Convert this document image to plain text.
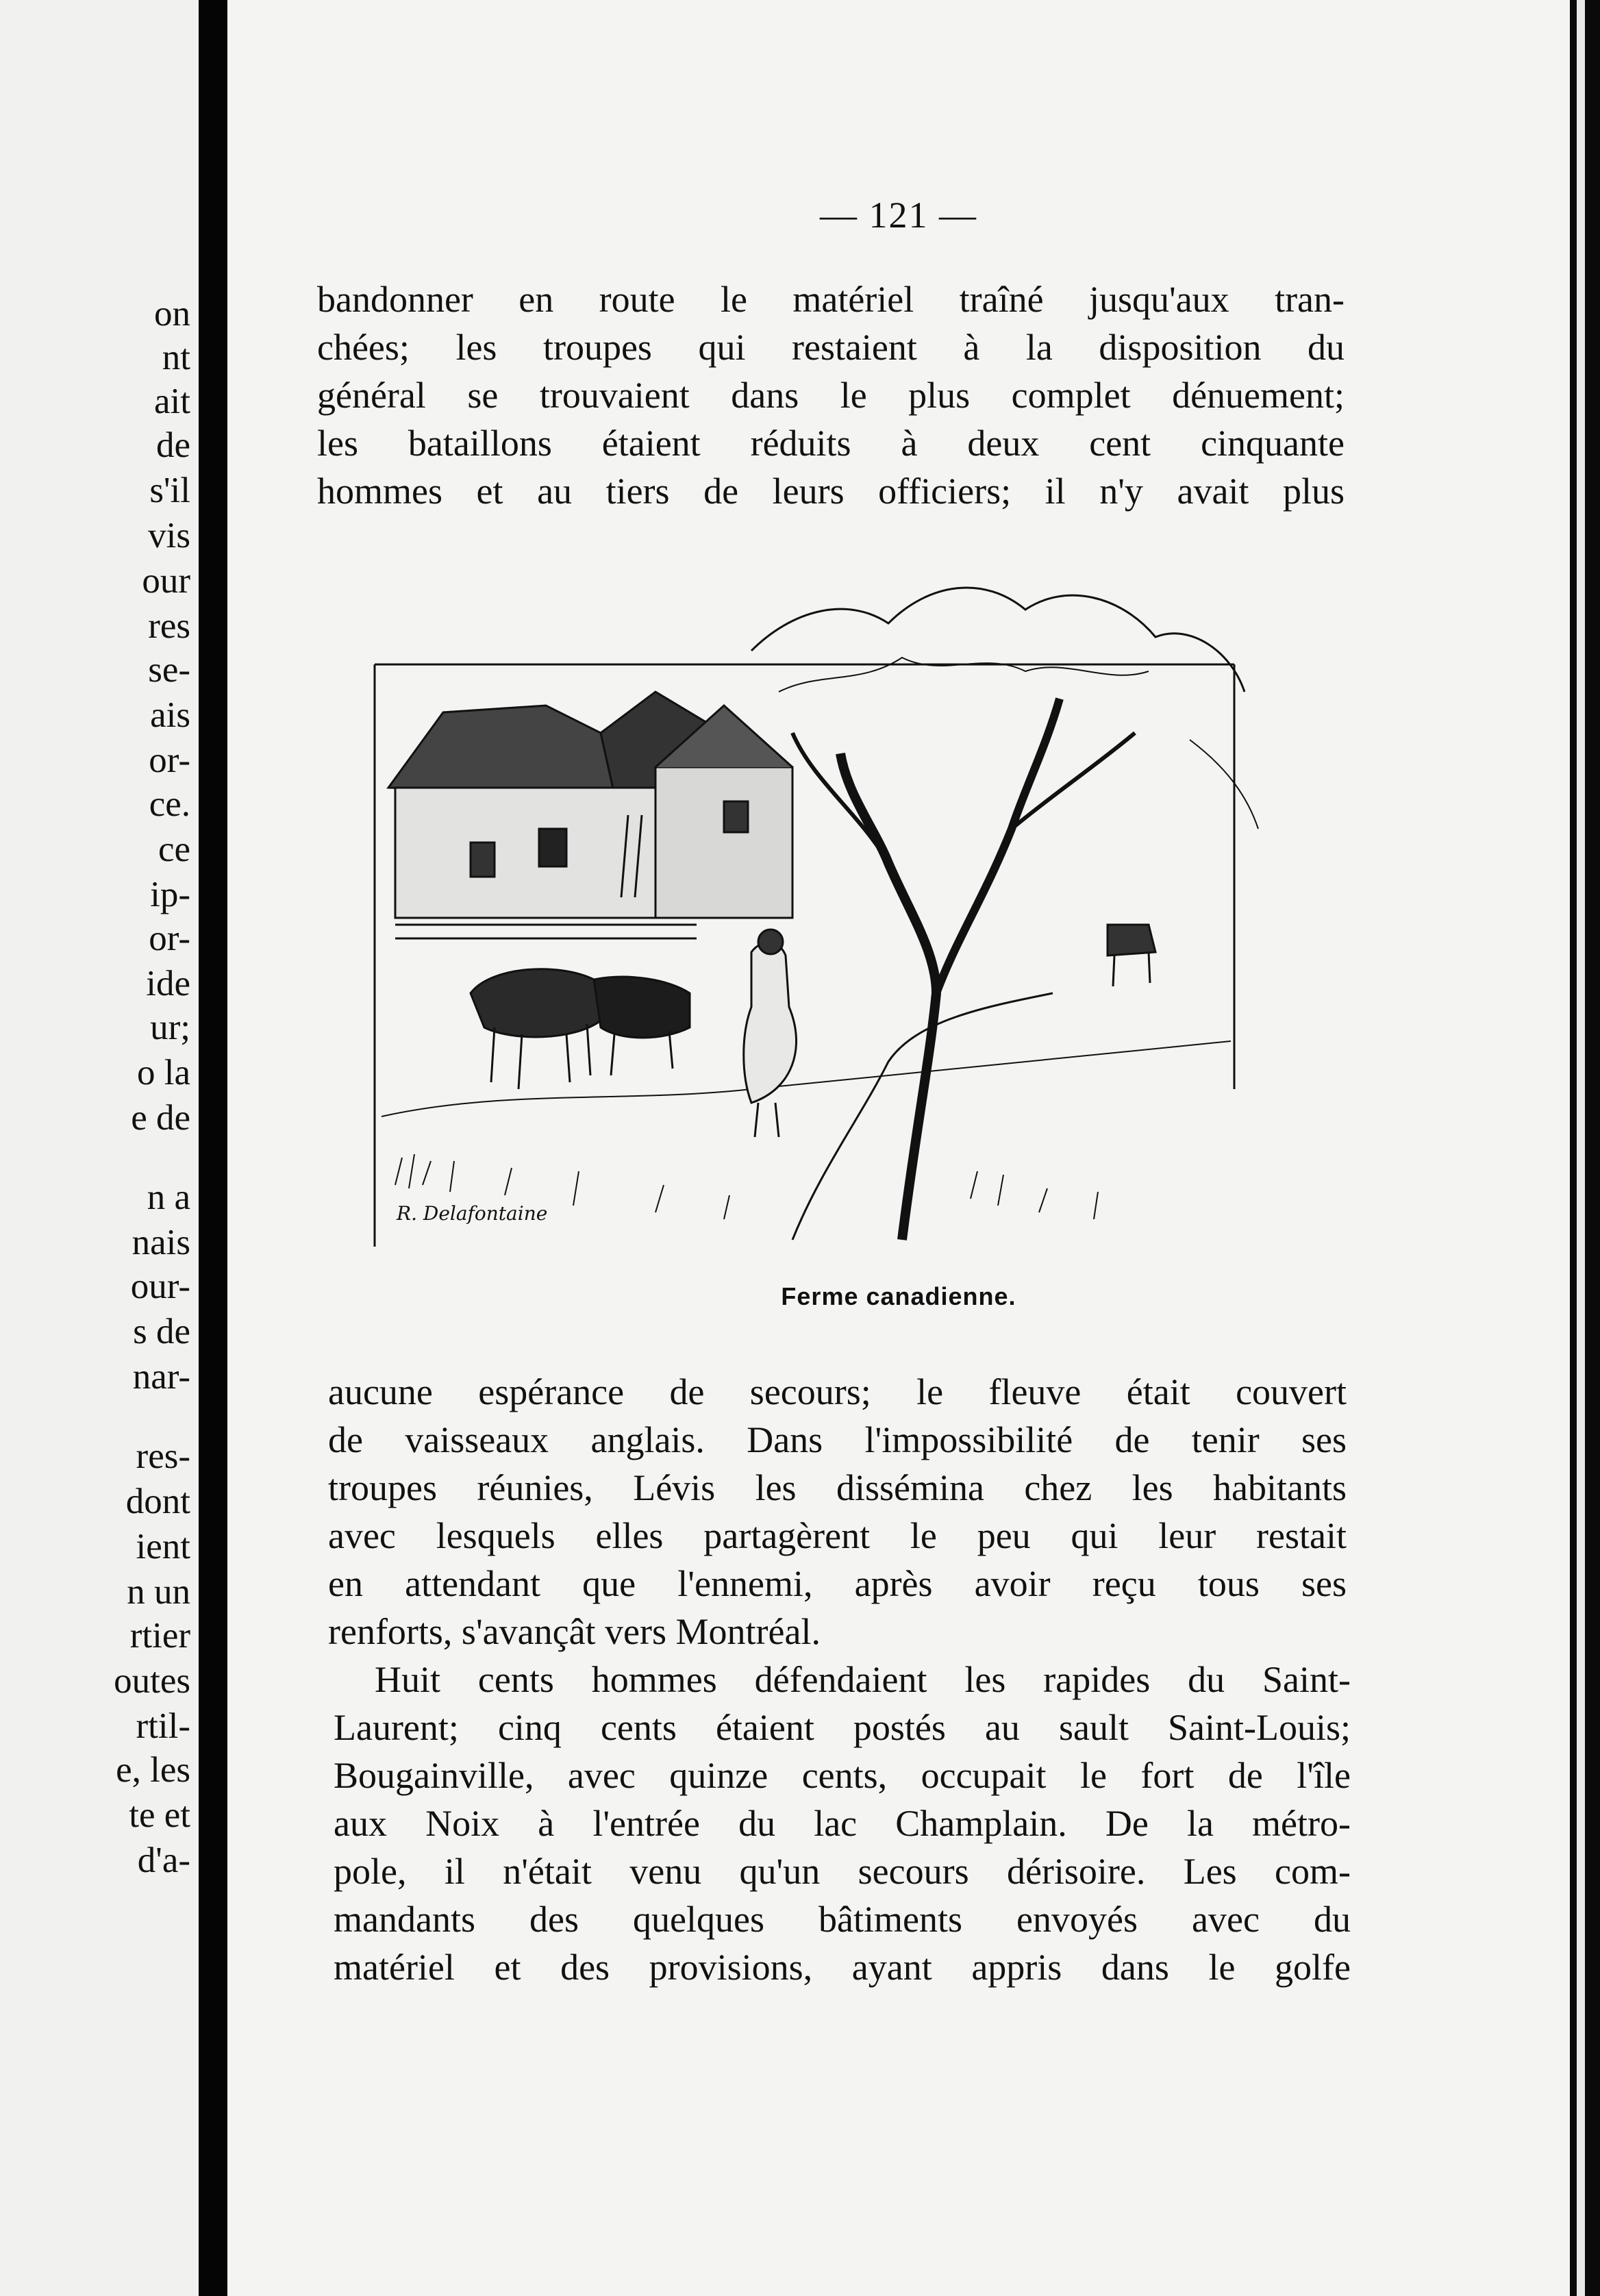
on
nt
ait
de
s'il
vis
our
res
se-
ais
or-
ce.
ce
ip-
or-
ide
ur;
o la
e de
n a
nais
our-
s de
nar-
res-
dont
ient
n un
rtier
outes
rtil-
e, les
te et
d'a-
— 121 —
bandonner en route le matériel traîné jusqu'aux tran-
chées; les troupes qui restaient à la disposition du
général se trouvaient dans le plus complet dénuement;
les bataillons étaient réduits à deux cent cinquante
hommes et au tiers de leurs officiers; il n'y avait plus
R. Delafontaine
Ferme canadienne.
aucune espérance de secours; le fleuve était couvert
de vaisseaux anglais. Dans l'impossibilité de tenir ses
troupes réunies, Lévis les dissémina chez les habitants
avec lesquels elles partagèrent le peu qui leur restait
en attendant que l'ennemi, après avoir reçu tous ses
renforts, s'avançât vers Montréal.
Huit cents hommes défendaient les rapides du Saint-
Laurent; cinq cents étaient postés au sault Saint-Louis;
Bougainville, avec quinze cents, occupait le fort de l'île
aux Noix à l'entrée du lac Champlain. De la métro-
pole, il n'était venu qu'un secours dérisoire. Les com-
mandants des quelques bâtiments envoyés avec du
matériel et des provisions, ayant appris dans le golfe
